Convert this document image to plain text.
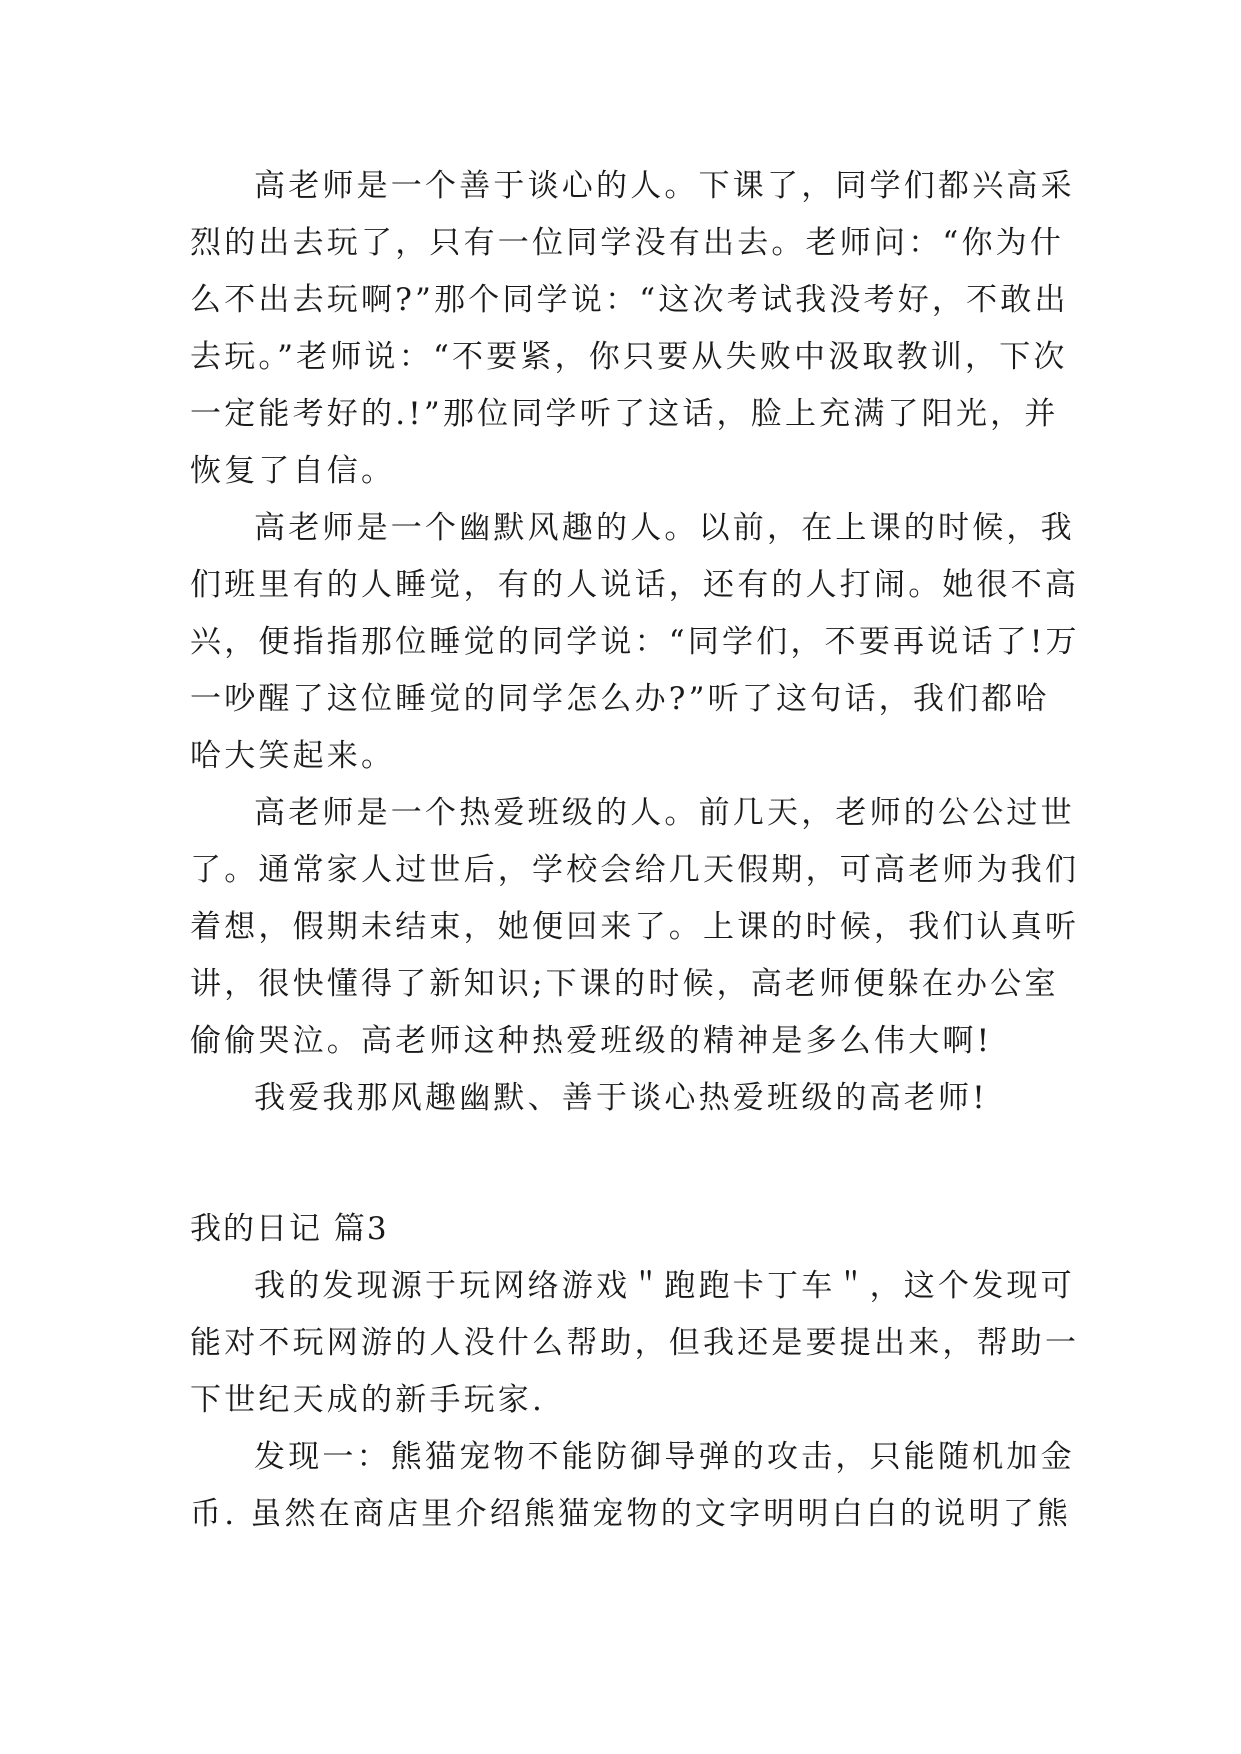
高老师是一个善于谈心的人。下课了，同学们都兴高采
烈的出去玩了，只有一位同学没有出去。老师问：“你为什
么不出去玩啊?”那个同学说：“这次考试我没考好，不敢出
去玩。”老师说：“不要紧，你只要从失败中汲取教训，下次
一定能考好的.!”那位同学听了这话，脸上充满了阳光，并
恢复了自信。
高老师是一个幽默风趣的人。以前，在上课的时候，我
们班里有的人睡觉，有的人说话，还有的人打闹。她很不高
兴，便指指那位睡觉的同学说：“同学们，不要再说话了!万
一吵醒了这位睡觉的同学怎么办?”听了这句话，我们都哈
哈大笑起来。
高老师是一个热爱班级的人。前几天，老师的公公过世
了。通常家人过世后，学校会给几天假期，可高老师为我们
着想，假期未结束，她便回来了。上课的时候，我们认真听
讲，很快懂得了新知识;下课的时候，高老师便躲在办公室
偷偷哭泣。高老师这种热爱班级的精神是多么伟大啊!
我爱我那风趣幽默、善于谈心热爱班级的高老师!
我的日记 篇3
我的发现源于玩网络游戏＂跑跑卡丁车＂，这个发现可
能对不玩网游的人没什么帮助，但我还是要提出来，帮助一
下世纪天成的新手玩家.
发现一：熊猫宠物不能防御导弹的攻击，只能随机加金
币. 虽然在商店里介绍熊猫宠物的文字明明白白的说明了熊
